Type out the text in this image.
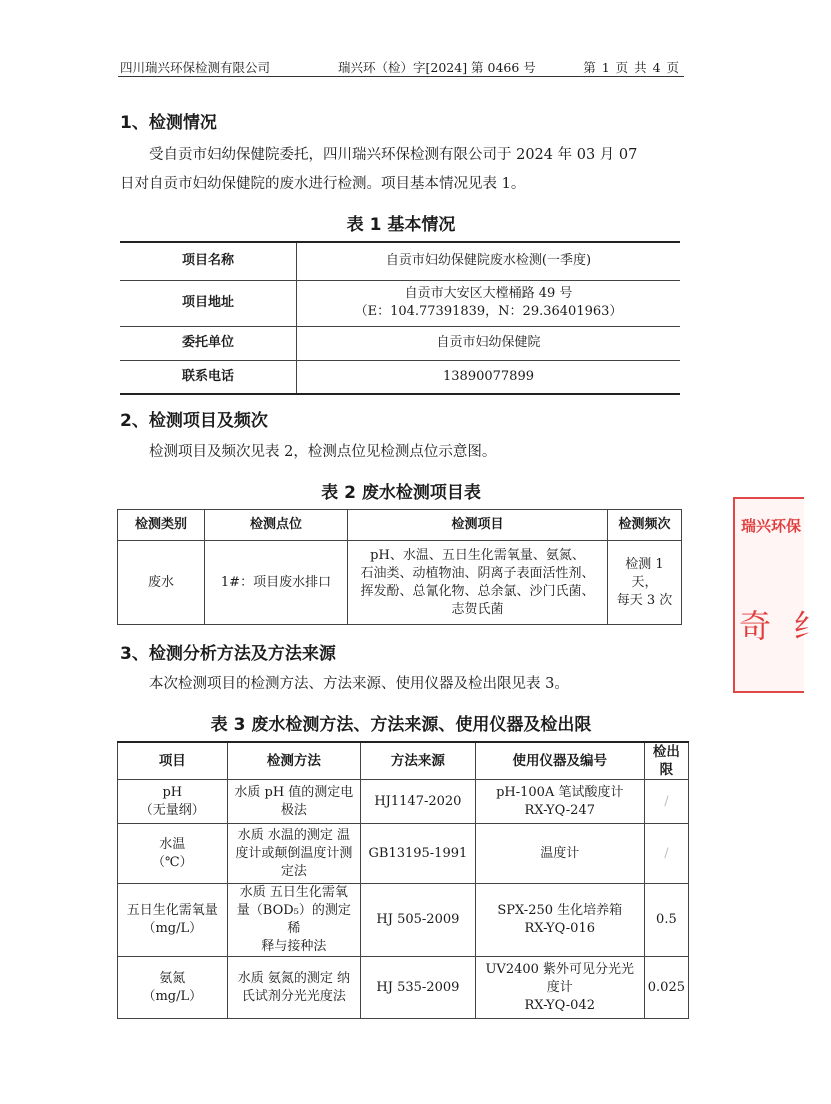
四川瑞兴环保检测有限公司	瑞兴环（检）字[2024] 第 0466 号	第 1 页 共 4 页
1、检测情况
受自贡市妇幼保健院委托，四川瑞兴环保检测有限公司于 2024 年 03 月 07
日对自贡市妇幼保健院的废水进行检测。项目基本情况见表 1。
表 1 基本情况
项目名称	自贡市妇幼保健院废水检测(一季度)
项目地址	自贡市大安区大樘桶路 49 号
（E：104.77391839，N：29.36401963）
委托单位	自贡市妇幼保健院
联系电话	13890077899
2、检测项目及频次
检测项目及频次见表 2，检测点位见检测点位示意图。
表 2 废水检测项目表
检测类别	检测点位	检测项目	检测频次
废水	1#：项目废水排口	pH、水温、五日生化需氧量、氨氮、
石油类、动植物油、阴离子表面活性剂、
挥发酚、总氰化物、总余氯、沙门氏菌、
志贺氏菌	检测 1 天，
每天 3 次
3、检测分析方法及方法来源
本次检测项目的检测方法、方法来源、使用仪器及检出限见表 3。
表 3 废水检测方法、方法来源、使用仪器及检出限
项目	检测方法	方法来源	使用仪器及编号	检出限
pH
（无量纲）	水质 pH 值的测定电
极法	HJ1147-2020	pH-100A 笔试酸度计
RX-YQ-247	/
水温
（℃）	水质 水温的测定 温
度计或颠倒温度计测
定法	GB13195-1991	温度计	/
五日生化需氧量
（mg/L）	水质 五日生化需氧
量（BOD₅）的测定 稀
释与接种法	HJ 505-2009	SPX-250 生化培养箱
RX-YQ-016	0.5
氨氮
（mg/L）	水质 氨氮的测定 纳
氏试剂分光光度法	HJ 535-2009	UV2400 紫外可见分光光
度计
RX-YQ-042	0.025
瑞兴环保
奇 纟
